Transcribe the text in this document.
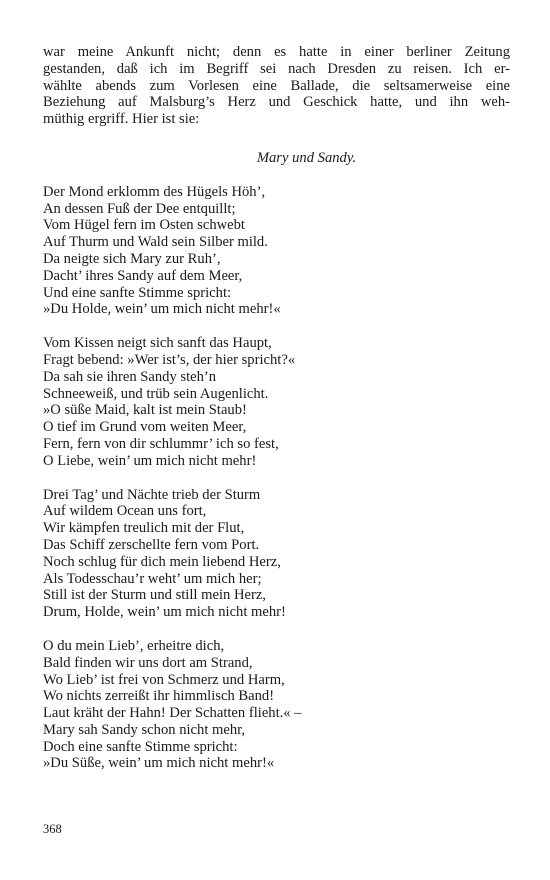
war meine Ankunft nicht; denn es hatte in einer berliner Zeitung
gestanden, daß ich im Begriff sei nach Dresden zu reisen. Ich er-
wählte abends zum Vorlesen eine Ballade, die seltsamerweise eine
Beziehung auf Malsburg’s Herz und Geschick hatte, und ihn weh-
müthig ergriff. Hier ist sie:
Mary und Sandy.
Der Mond erklomm des Hügels Höh’,
An dessen Fuß der Dee entquillt;
Vom Hügel fern im Osten schwebt
Auf Thurm und Wald sein Silber mild.
Da neigte sich Mary zur Ruh’,
Dacht’ ihres Sandy auf dem Meer,
Und eine sanfte Stimme spricht:
»Du Holde, wein’ um mich nicht mehr!«
Vom Kissen neigt sich sanft das Haupt,
Fragt bebend: »Wer ist’s, der hier spricht?«
Da sah sie ihren Sandy steh’n
Schneeweiß, und trüb sein Augenlicht.
»O süße Maid, kalt ist mein Staub!
O tief im Grund vom weiten Meer,
Fern, fern von dir schlummr’ ich so fest,
O Liebe, wein’ um mich nicht mehr!
Drei Tag’ und Nächte trieb der Sturm
Auf wildem Ocean uns fort,
Wir kämpfen treulich mit der Flut,
Das Schiff zerschellte fern vom Port.
Noch schlug für dich mein liebend Herz,
Als Todesschau’r weht’ um mich her;
Still ist der Sturm und still mein Herz,
Drum, Holde, wein’ um mich nicht mehr!
O du mein Lieb’, erheitre dich,
Bald finden wir uns dort am Strand,
Wo Lieb’ ist frei von Schmerz und Harm,
Wo nichts zerreißt ihr himmlisch Band!
Laut kräht der Hahn! Der Schatten flieht.« –
Mary sah Sandy schon nicht mehr,
Doch eine sanfte Stimme spricht:
»Du Süße, wein’ um mich nicht mehr!«
368
